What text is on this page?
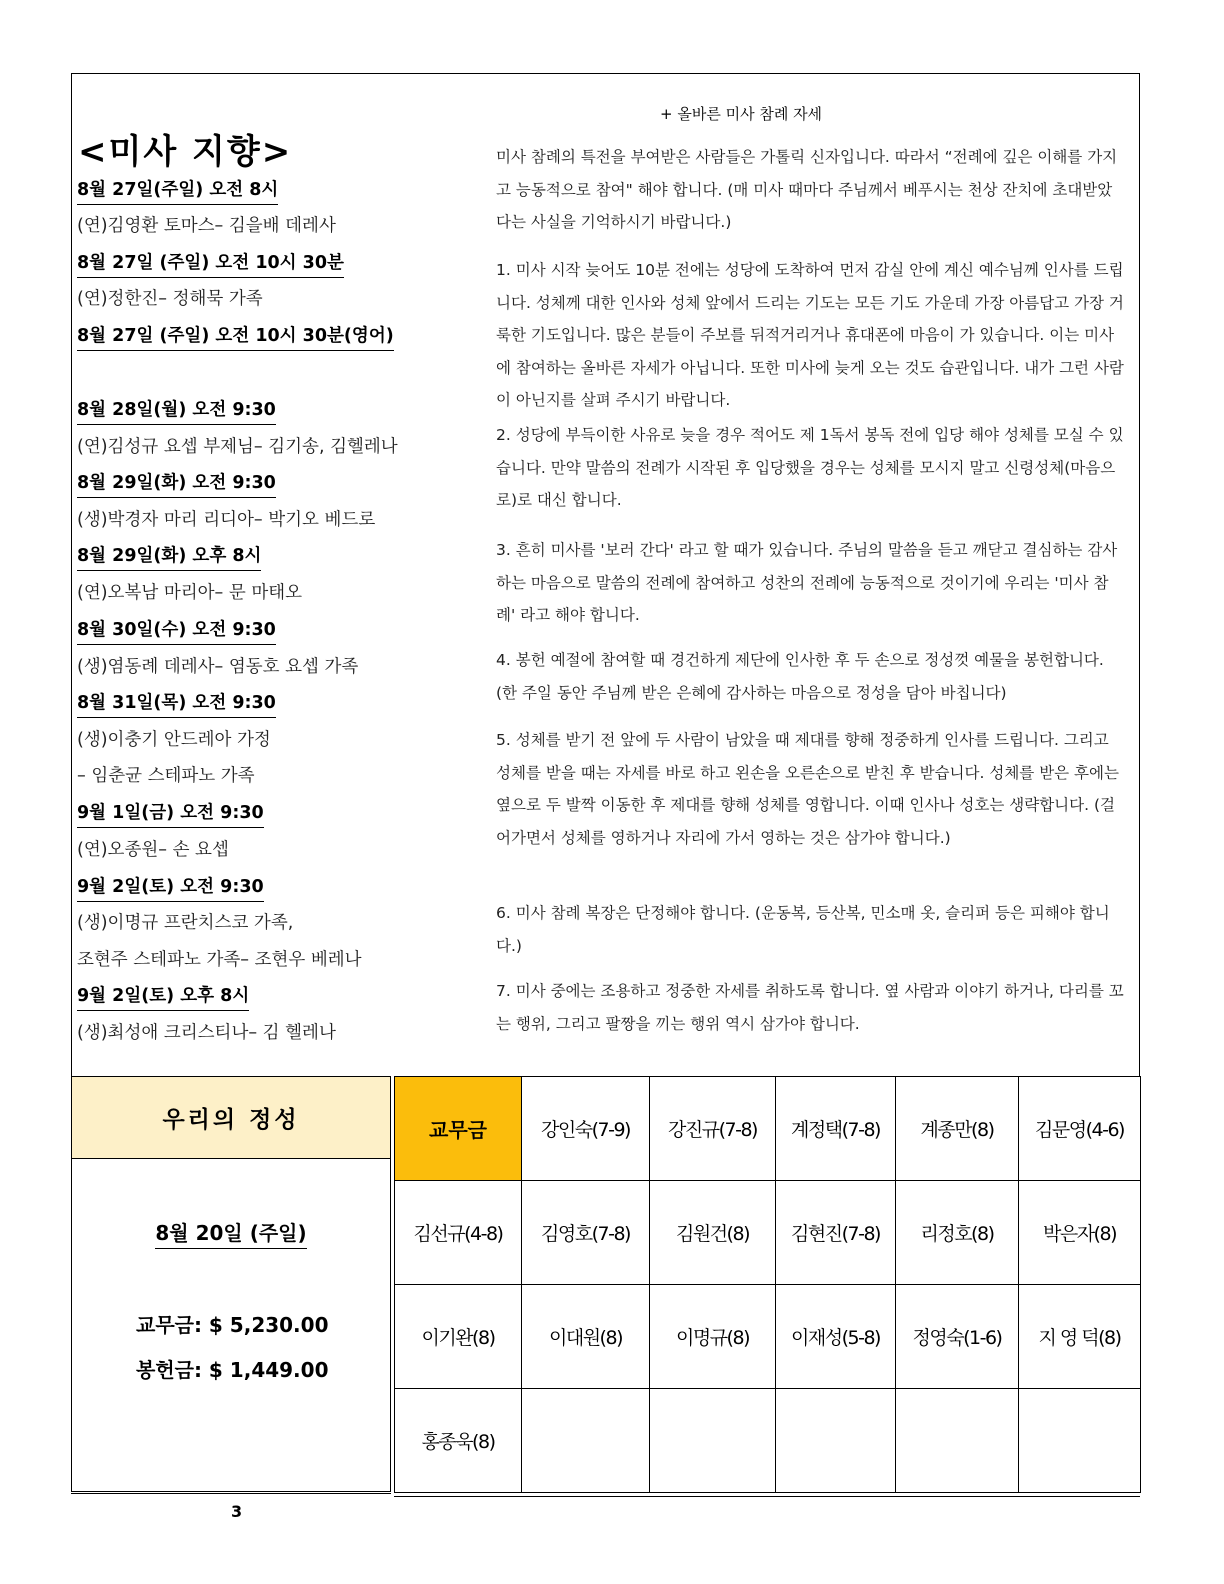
<미사 지향>
8월 27일(주일) 오전 8시
(연)김영환 토마스– 김을배 데레사
8월 27일 (주일) 오전 10시 30분
(연)정한진– 정해묵 가족
8월 27일 (주일) 오전 10시 30분(영어)
8월 28일(월) 오전 9:30
(연)김성규 요셉 부제님– 김기송, 김헬레나
8월 29일(화) 오전 9:30
(생)박경자 마리 리디아– 박기오 베드로
8월 29일(화) 오후 8시
(연)오복남 마리아– 문 마태오
8월 30일(수) 오전 9:30
(생)염동례 데레사– 염동호 요셉 가족
8월 31일(목) 오전 9:30
(생)이충기 안드레아 가정
– 임춘균 스테파노 가족
9월 1일(금) 오전 9:30
(연)오종원– 손 요셉
9월 2일(토) 오전 9:30
(생)이명규 프란치스코 가족,
조현주 스테파노 가족– 조현우 베레나
9월 2일(토) 오후 8시
(생)최성애 크리스티나– 김 헬레나
+ 올바른 미사 참례 자세
미사 참례의 특전을 부여받은 사람들은 가톨릭 신자입니다. 따라서 “전례에 깊은 이해를 가지고 능동적으로 참여" 해야 합니다. (매 미사 때마다 주님께서 베푸시는 천상 잔치에 초대받았다는 사실을 기억하시기 바랍니다.)
1. 미사 시작 늦어도 10분 전에는 성당에 도착하여 먼저 감실 안에 계신 예수님께 인사를 드립니다. 성체께 대한 인사와 성체 앞에서 드리는 기도는 모든 기도 가운데 가장 아름답고 가장 거룩한 기도입니다. 많은 분들이 주보를 뒤적거리거나 휴대폰에 마음이 가 있습니다. 이는 미사에 참여하는 올바른 자세가 아닙니다. 또한 미사에 늦게 오는 것도 습관입니다. 내가 그런 사람이 아닌지를 살펴 주시기 바랍니다.
2. 성당에 부득이한 사유로 늦을 경우 적어도 제 1독서 봉독 전에 입당 해야 성체를 모실 수 있습니다. 만약 말씀의 전례가 시작된 후 입당했을 경우는 성체를 모시지 말고 신령성체(마음으로)로 대신 합니다.
3. 흔히 미사를 '보러 간다' 라고 할 때가 있습니다. 주님의 말씀을 듣고 깨닫고 결심하는 감사하는 마음으로 말씀의 전례에 참여하고 성찬의 전례에 능동적으로 것이기에 우리는 '미사 참례' 라고 해야 합니다.
4. 봉헌 예절에 참여할 때 경건하게 제단에 인사한 후 두 손으로 정성껏 예물을 봉헌합니다. (한 주일 동안 주님께 받은 은혜에 감사하는 마음으로 정성을 담아 바칩니다)
5. 성체를 받기 전 앞에 두 사람이 남았을 때 제대를 향해 정중하게 인사를 드립니다. 그리고 성체를 받을 때는 자세를 바로 하고 왼손을 오른손으로 받친 후 받습니다. 성체를 받은 후에는 옆으로 두 발짝 이동한 후 제대를 향해 성체를 영합니다. 이때 인사나 성호는 생략합니다. (걸어가면서 성체를 영하거나 자리에 가서 영하는 것은 삼가야 합니다.)
6. 미사 참례 복장은 단정해야 합니다. (운동복, 등산복, 민소매 옷, 슬리퍼 등은 피해야 합니다.)
7. 미사 중에는 조용하고 정중한 자세를 취하도록 합니다. 옆 사람과 이야기 하거나, 다리를 꼬는 행위, 그리고 팔짱을 끼는 행위 역시 삼가야 합니다.
우리의 정성
8월 20일 (주일)
교무금: $ 5,230.00
봉헌금: $ 1,449.00
교무금	강인숙(7-9)	강진규(7-8)	계정택(7-8)	계종만(8)	김문영(4-6)
김선규(4-8)	김영호(7-8)	김원건(8)	김현진(7-8)	리정호(8)	박은자(8)
이기완(8)	이대원(8)	이명규(8)	이재성(5-8)	정영숙(1-6)	지 영 덕(8)
홍종욱(8)					
3
